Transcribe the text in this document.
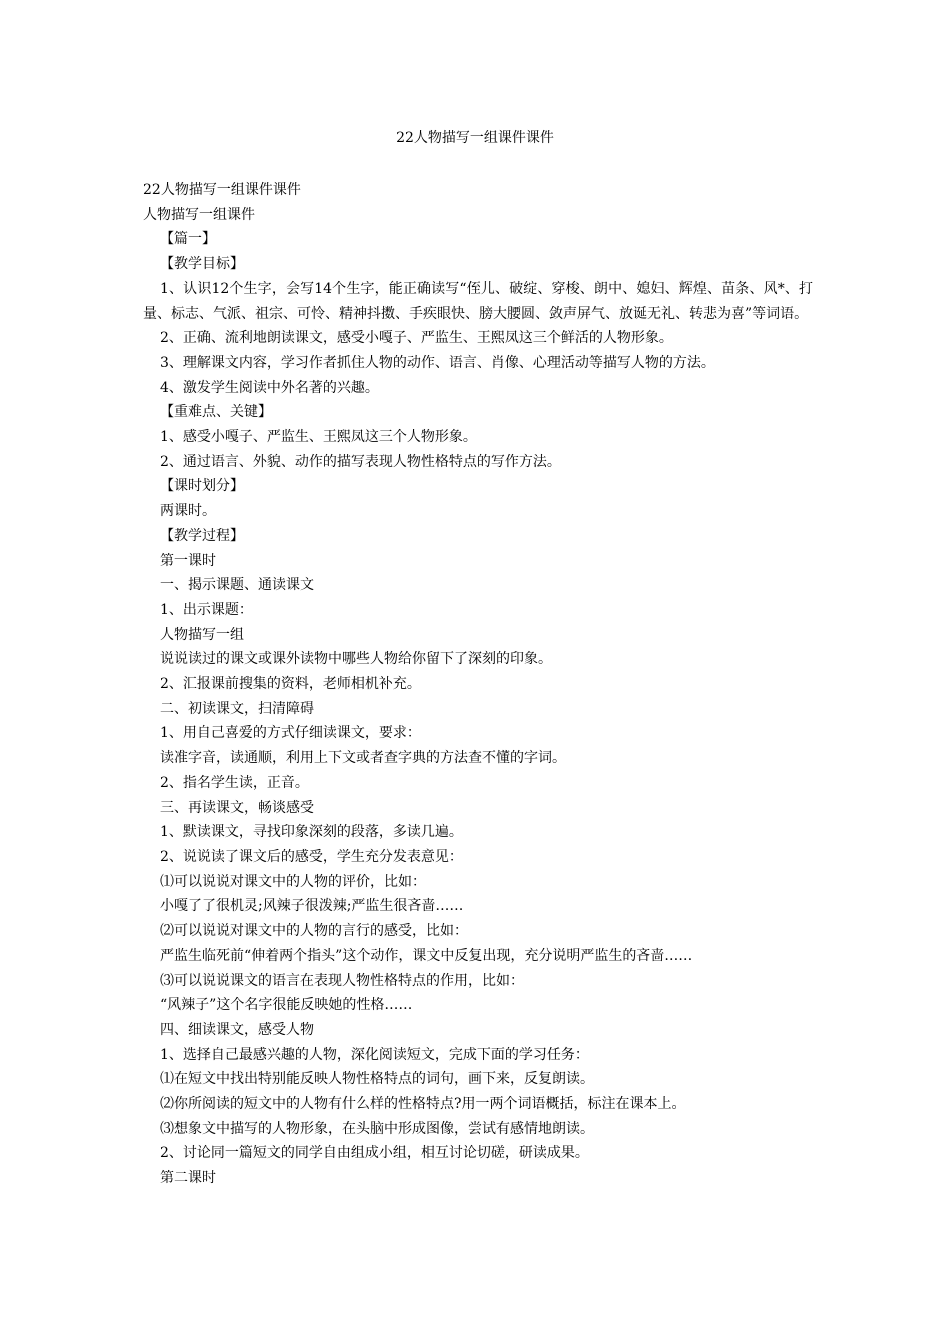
22人物描写一组课件课件
22人物描写一组课件课件
人物描写一组课件
【篇一】
【教学目标】

1、认识12个生字，会写14个生字，能正确读写“侄儿、破绽、穿梭、朗中、媳妇、辉煌、苗条、风*、打量、标志、气派、祖宗、可怜、精神抖擞、手疾眼快、膀大腰圆、敛声屏气、放诞无礼、转悲为喜”等词语。

2、正确、流利地朗读课文，感受小嘎子、严监生、王熙凤这三个鲜活的人物形象。
3、理解课文内容，学习作者抓住人物的动作、语言、肖像、心理活动等描写人物的方法。
4、激发学生阅读中外名著的兴趣。
【重难点、关键】
1、感受小嘎子、严监生、王熙凤这三个人物形象。
2、通过语言、外貌、动作的描写表现人物性格特点的写作方法。
【课时划分】
两课时。
【教学过程】
第一课时
一、揭示课题、通读课文
1、出示课题：
人物描写一组
说说读过的课文或课外读物中哪些人物给你留下了深刻的印象。
2、汇报课前搜集的资料，老师相机补充。
二、初读课文，扫清障碍
1、用自己喜爱的方式仔细读课文，要求：
读准字音，读通顺，利用上下文或者查字典的方法查不懂的字词。
2、指名学生读，正音。
三、再读课文，畅谈感受
1、默读课文，寻找印象深刻的段落，多读几遍。
2、说说读了课文后的感受，学生充分发表意见：
⑴可以说说对课文中的人物的评价，比如：
小嘎了了很机灵;风辣子很泼辣;严监生很吝啬……
⑵可以说说对课文中的人物的言行的感受，比如：
严监生临死前“伸着两个指头”这个动作，课文中反复出现，充分说明严监生的吝啬……
⑶可以说说课文的语言在表现人物性格特点的作用，比如：
“风辣子”这个名字很能反映她的性格……
四、细读课文，感受人物
1、选择自己最感兴趣的人物，深化阅读短文，完成下面的学习任务：
⑴在短文中找出特别能反映人物性格特点的词句，画下来，反复朗读。
⑵你所阅读的短文中的人物有什么样的性格特点?用一两个词语概括，标注在课本上。
⑶想象文中描写的人物形象，在头脑中形成图像，尝试有感情地朗读。
2、讨论同一篇短文的同学自由组成小组，相互讨论切磋，研读成果。
第二课时
